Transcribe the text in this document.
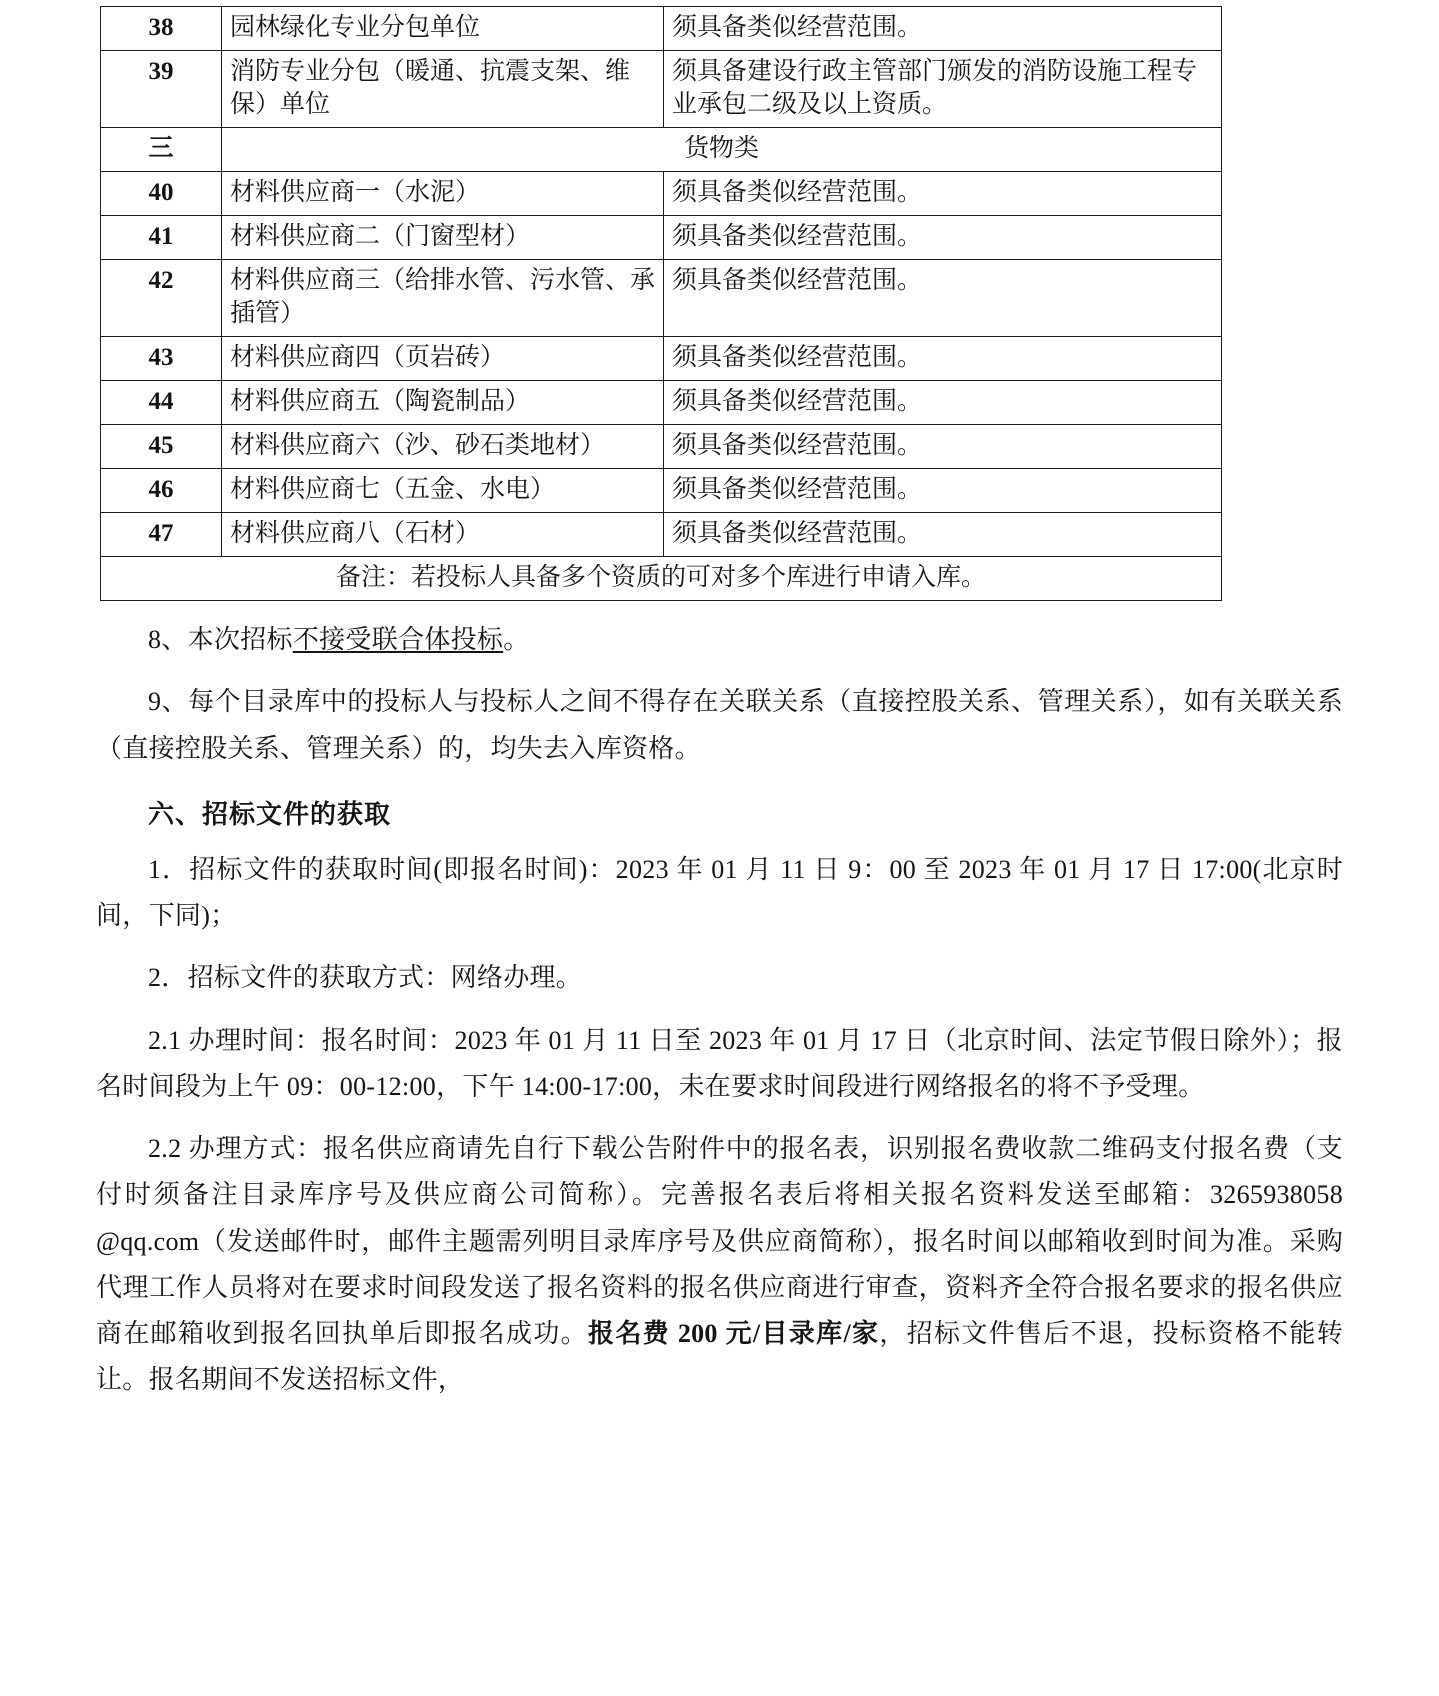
38	园林绿化专业分包单位	须具备类似经营范围。
39	消防专业分包（暖通、抗震支架、维保）单位	须具备建设行政主管部门颁发的消防设施工程专业承包二级及以上资质。
三	货物类	
40	材料供应商一（水泥）	须具备类似经营范围。
41	材料供应商二（门窗型材）	须具备类似经营范围。
42	材料供应商三（给排水管、污水管、承插管）	须具备类似经营范围。
43	材料供应商四（页岩砖）	须具备类似经营范围。
44	材料供应商五（陶瓷制品）	须具备类似经营范围。
45	材料供应商六（沙、砂石类地材）	须具备类似经营范围。
46	材料供应商七（五金、水电）	须具备类似经营范围。
47	材料供应商八（石材）	须具备类似经营范围。
备注：若投标人具备多个资质的可对多个库进行申请入库。		

8、本次招标不接受联合体投标。

9、每个目录库中的投标人与投标人之间不得存在关联关系（直接控股关系、管理关系），如有关联关系（直接控股关系、管理关系）的，均失去入库资格。

六、招标文件的获取

1．招标文件的获取时间(即报名时间)：2023 年 01 月 11 日 9：00 至 2023 年 01 月 17 日 17:00(北京时间，下同)；

2．招标文件的获取方式：网络办理。

2.1 办理时间：报名时间：2023 年 01 月 11 日至 2023 年 01 月 17 日（北京时间、法定节假日除外）；报名时间段为上午 09：00-12:00，下午 14:00-17:00，未在要求时间段进行网络报名的将不予受理。

2.2 办理方式：报名供应商请先自行下载公告附件中的报名表，识别报名费收款二维码支付报名费（支付时须备注目录库序号及供应商公司简称）。完善报名表后将相关报名资料发送至邮箱：3265938058 @qq.com（发送邮件时，邮件主题需列明目录库序号及供应商简称），报名时间以邮箱收到时间为准。采购代理工作人员将对在要求时间段发送了报名资料的报名供应商进行审查，资料齐全符合报名要求的报名供应商在邮箱收到报名回执单后即报名成功。报名费 200 元/目录库/家，招标文件售后不退，投标资格不能转让。报名期间不发送招标文件，
